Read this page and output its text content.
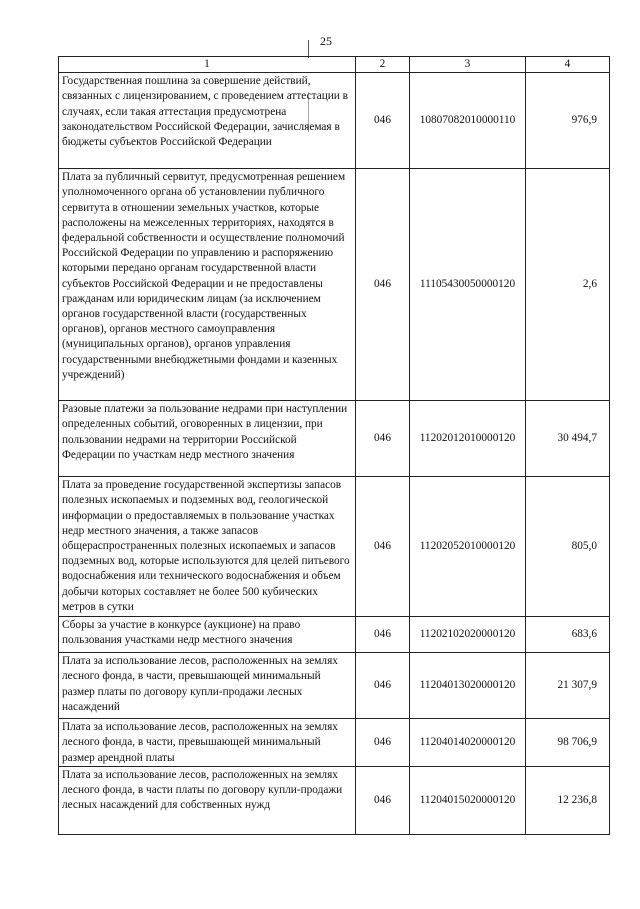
25
1	2	3	4
Государственная пошлина за совершение действий, связанных с лицензированием, с проведением аттестации в случаях, если такая аттестация предусмотрена законодательством Российской Федерации, зачисляемая в бюджеты субъектов Российской Федерации	046	10807082010000110	976,9
Плата за публичный сервитут, предусмотренная решением уполномоченного органа об установлении публичного сервитута в отношении земельных участков, которые расположены на межселенных территориях, находятся в федеральной собственности и осуществление полномочий Российской Федерации по управлению и распоряжению которыми передано органам государственной власти субъектов Российской Федерации и не предоставлены гражданам или юридическим лицам (за исключением органов государственной власти (государственных органов), органов местного самоуправления (муниципальных органов), органов управления государственными внебюджетными фондами и казенных учреждений)	046	11105430050000120	2,6
Разовые платежи за пользование недрами при наступлении определенных событий, оговоренных в лицензии, при пользовании недрами на территории Российской Федерации по участкам недр местного значения	046	11202012010000120	30 494,7
Плата за проведение государственной экспертизы запасов полезных ископаемых и подземных вод, геологической информации о предоставляемых в пользование участках недр местного значения, а также запасов общераспространенных полезных ископаемых и запасов подземных вод, которые используются для целей питьевого водоснабжения или технического водоснабжения и объем добычи которых составляет не более 500 кубических метров в сутки	046	11202052010000120	805,0
Сборы за участие в конкурсе (аукционе) на право пользования участками недр местного значения	046	11202102020000120	683,6
Плата за использование лесов, расположенных на землях лесного фонда, в части, превышающей минимальный размер платы по договору купли-продажи лесных насаждений	046	11204013020000120	21 307,9
Плата за использование лесов, расположенных на землях лесного фонда, в части, превышающей минимальный размер арендной платы	046	11204014020000120	98 706,9
Плата за использование лесов, расположенных на землях лесного фонда, в части платы по договору купли-продажи лесных насаждений для собственных нужд	046	11204015020000120	12 236,8
